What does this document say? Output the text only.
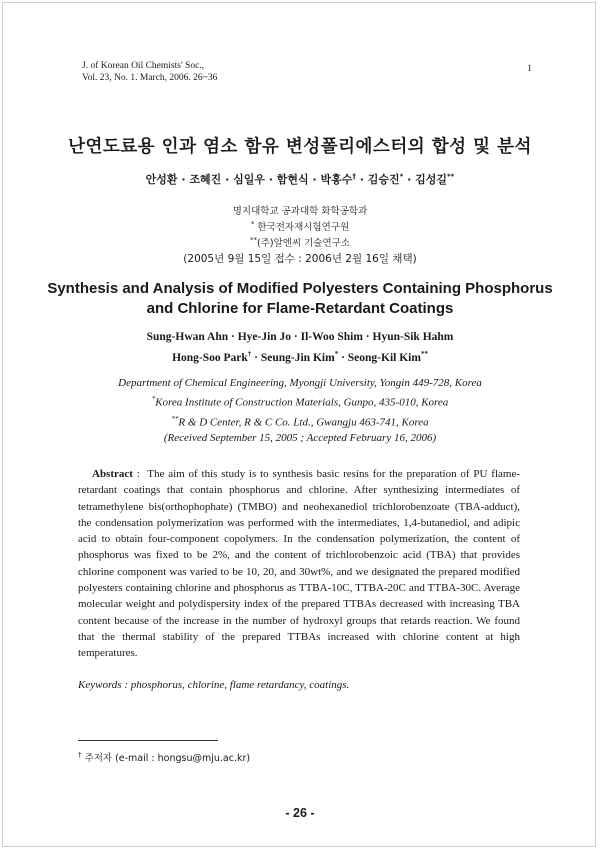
J. of Korean Oil Chemists' Soc.,
Vol. 23, No. 1. March, 2006. 26~36
1
난연도료용 인과 염소 함유 변성폴리에스터의 합성 및 분석
안성환 · 조혜진 · 심일우 · 함현식 · 박홍수† · 김승진* · 김성길**
명지대학교 공과대학 화학공학과
* 한국전자재시험연구원
**(주)알엔씨 기술연구소
(2005년 9월 15일 접수 : 2006년 2월 16일 채택)
Synthesis and Analysis of Modified Polyesters Containing Phosphorus
and Chlorine for Flame-Retardant Coatings
Sung-Hwan Ahn · Hye-Jin Jo · Il-Woo Shim · Hyun-Sik Hahm
Hong-Soo Park† · Seung-Jin Kim* · Seong-Kil Kim**
Department of Chemical Engineering, Myongji University, Yongin 449-728, Korea
*Korea Institute of Construction Materials, Gunpo, 435-010, Korea
**R & D Center, R & C Co. Ltd., Gwangju 463-741, Korea
(Received September 15, 2005 ; Accepted February 16, 2006)
Abstract :  The aim of this study is to synthesis basic resins for the preparation of PU flame-retardant coatings that contain phosphorus and chlorine. After synthesizing intermediates of tetramethylene bis(orthophophate) (TMBO) and neohexanediol trichlorobenzoate (TBA-adduct), the condensation polymerization was performed with the intermediates, 1,4-butanediol, and adipic acid to obtain four-component copolymers. In the condensation polymerization, the content of phosphorus was fixed to be 2%, and the content of trichlorobenzoic acid (TBA) that provides chlorine component was varied to be 10, 20, and 30wt%, and we designated the prepared modified polyesters containing chlorine and phosphorus as TTBA-10C, TTBA-20C and TTBA-30C. Average molecular weight and polydispersity index of the prepared TTBAs decreased with increasing TBA content because of the increase in the number of hydroxyl groups that retards reaction. We found that the thermal stability of the prepared TTBAs increased with chlorine content at high temperatures.
Keywords : phosphorus, chlorine, flame retardancy, coatings.
† 주저자 (e-mail : hongsu@mju.ac.kr)
- 26 -
